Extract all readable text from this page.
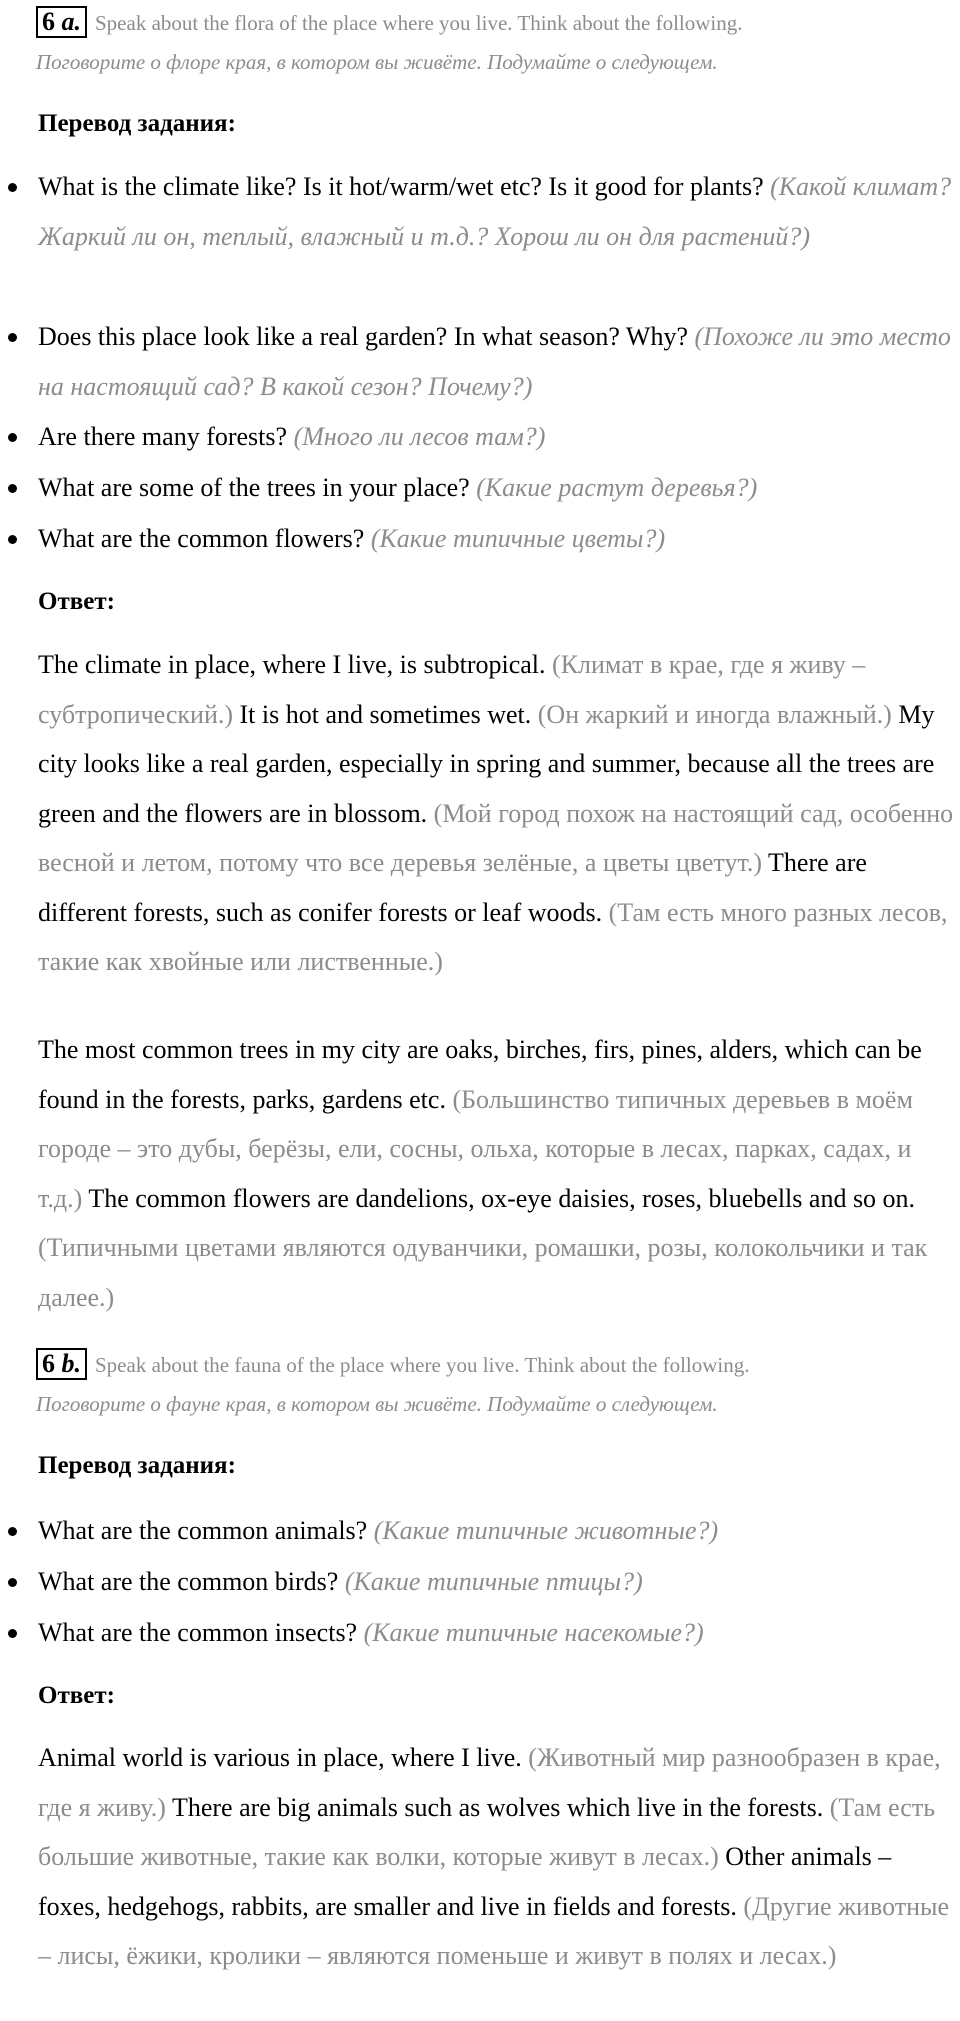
6 a. Speak about the flora of the place where you live. Think about the following.
Поговорите о флоре края, в котором вы живёте. Подумайте о следующем.
Перевод задания:
What is the climate like? Is it hot/warm/wet etc? Is it good for plants? (Какой климат? Жаркий ли он, теплый, влажный и т.д.? Хорош ли он для растений?)
Does this place look like a real garden? In what season? Why? (Похоже ли это место на настоящий сад? В какой сезон? Почему?)
Are there many forests? (Много ли лесов там?)
What are some of the trees in your place? (Какие растут деревья?)
What are the common flowers? (Какие типичные цветы?)
Ответ:
The climate in place, where I live, is subtropical. (Климат в крае, где я живу – субтропический.) It is hot and sometimes wet. (Он жаркий и иногда влажный.) My city looks like a real garden, especially in spring and summer, because all the trees are green and the flowers are in blossom. (Мой город похож на настоящий сад, особенно весной и летом, потому что все деревья зелёные, а цветы цветут.) There are different forests, such as conifer forests or leaf woods. (Там есть много разных лесов, такие как хвойные или лиственные.)
The most common trees in my city are oaks, birches, firs, pines, alders, which can be found in the forests, parks, gardens etc. (Большинство типичных деревьев в моём городе – это дубы, берёзы, ели, сосны, ольха, которые в лесах, парках, садах, и т.д.) The common flowers are dandelions, ox-eye daisies, roses, bluebells and so on. (Типичными цветами являются одуванчики, ромашки, розы, колокольчики и так далее.)
6 b. Speak about the fauna of the place where you live. Think about the following.
Поговорите о фауне края, в котором вы живёте. Подумайте о следующем.
Перевод задания:
What are the common animals? (Какие типичные животные?)
What are the common birds? (Какие типичные птицы?)
What are the common insects? (Какие типичные насекомые?)
Ответ:
Animal world is various in place, where I live. (Животный мир разнообразен в крае, где я живу.) There are big animals such as wolves which live in the forests. (Там есть большие животные, такие как волки, которые живут в лесах.) Other animals – foxes, hedgehogs, rabbits, are smaller and live in fields and forests. (Другие животные – лисы, ёжики, кролики – являются поменьше и живут в полях и лесах.)
